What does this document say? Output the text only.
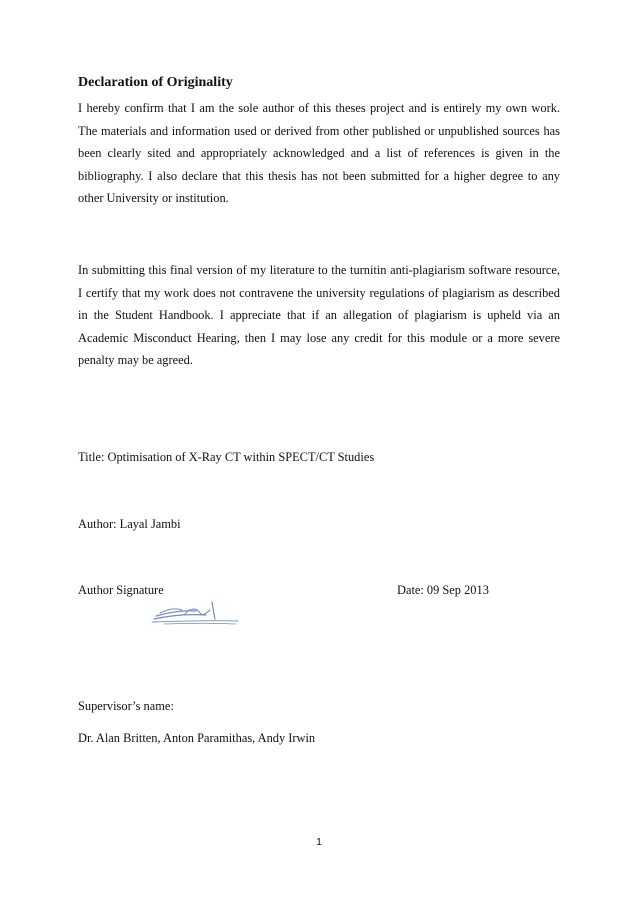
Declaration of Originality

I hereby confirm that I am the sole author of this theses project and is entirely my own work. The materials and information used or derived from other published or unpublished sources has been clearly sited and appropriately acknowledged and a list of references is given in the bibliography. I also declare that this thesis has not been submitted for a higher degree to any other University or institution.

In submitting this final version of my literature to the turnitin anti-plagiarism software resource, I certify that my work does not contravene the university regulations of plagiarism as described in the Student Handbook. I appreciate that if an allegation of plagiarism is upheld via an Academic Misconduct Hearing, then I may lose any credit for this module or a more severe penalty may be agreed.

Title: Optimisation of X-Ray CT within SPECT/CT Studies

Author: Layal Jambi

Author Signature	Date: 09 Sep 2013

Supervisor’s name:

Dr. Alan Britten, Anton Paramithas, Andy Irwin

1
